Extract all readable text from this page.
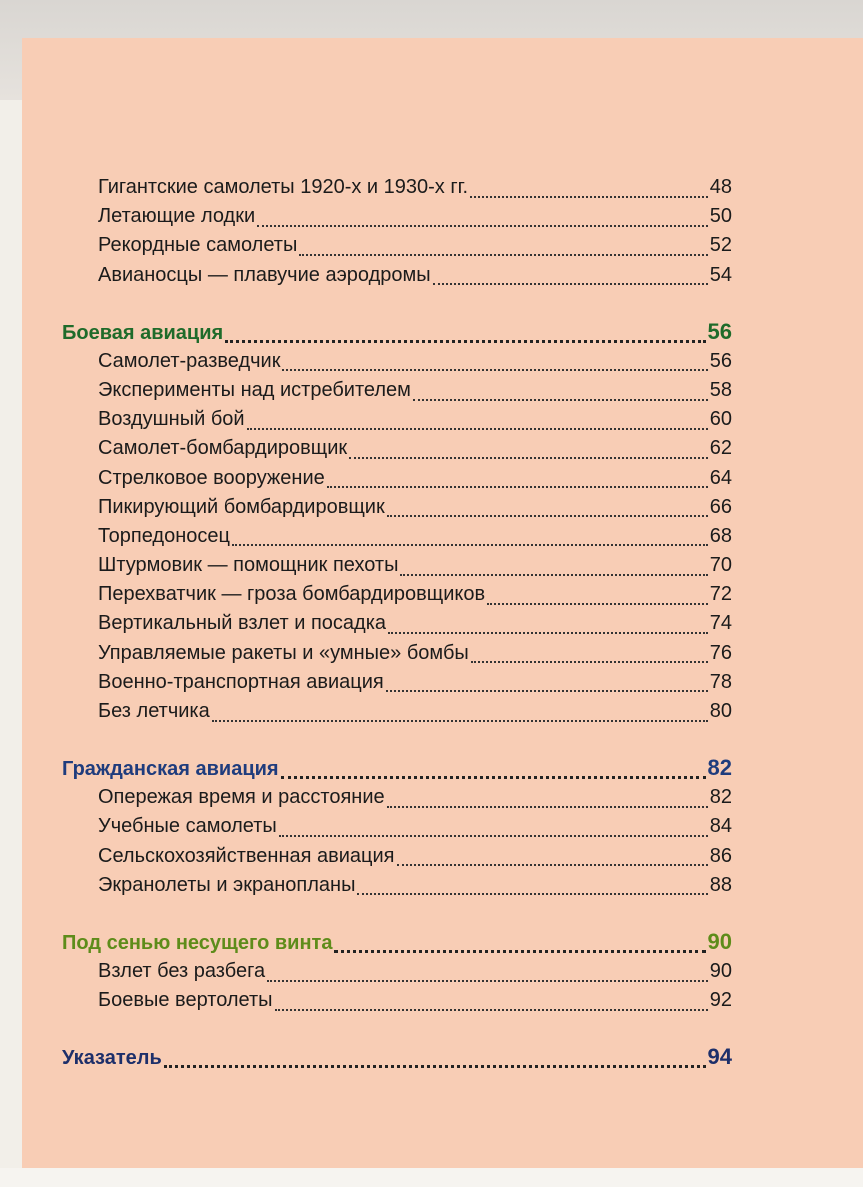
Гигантские самолеты 1920-х и 1930-х гг.	48
Летающие лодки	50
Рекордные самолеты	52
Авианосцы — плавучие аэродромы	54
Боевая авиация	56
Самолет-разведчик	56
Эксперименты над истребителем	58
Воздушный бой	60
Самолет-бомбардировщик	62
Стрелковое вооружение	64
Пикирующий бомбардировщик	66
Торпедоносец	68
Штурмовик — помощник пехоты	70
Перехватчик — гроза бомбардировщиков	72
Вертикальный взлет и посадка	74
Управляемые ракеты и «умные» бомбы	76
Военно-транспортная авиация	78
Без летчика	80
Гражданская авиация	82
Опережая время и расстояние	82
Учебные самолеты	84
Сельскохозяйственная авиация	86
Экранолеты и экранопланы	88
Под сенью несущего винта	90
Взлет без разбега	90
Боевые вертолеты	92
Указатель	94
